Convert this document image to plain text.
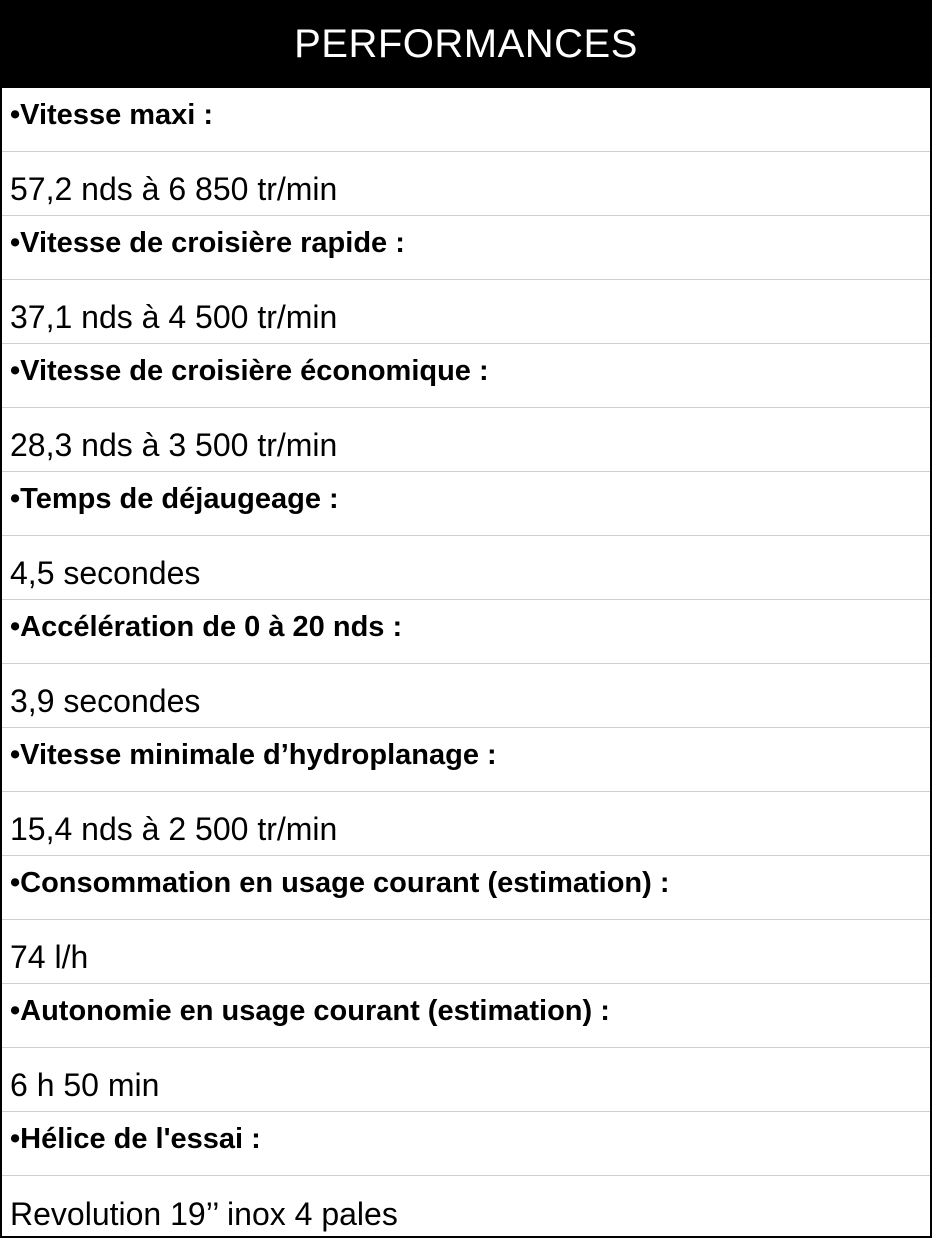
PERFORMANCES
•Vitesse maxi :
57,2 nds à 6 850 tr/min
•Vitesse de croisière rapide :
37,1 nds à 4 500 tr/min
•Vitesse de croisière économique :
28,3 nds à 3 500 tr/min
•Temps de déjaugeage :
4,5 secondes
•Accélération de 0 à 20 nds :
3,9 secondes
•Vitesse minimale d’hydroplanage :
15,4 nds à 2 500 tr/min
•Consommation en usage courant (estimation) :
74 l/h
•Autonomie en usage courant (estimation) :
6 h 50 min
•Hélice de l'essai :
Revolution 19’’ inox 4 pales
